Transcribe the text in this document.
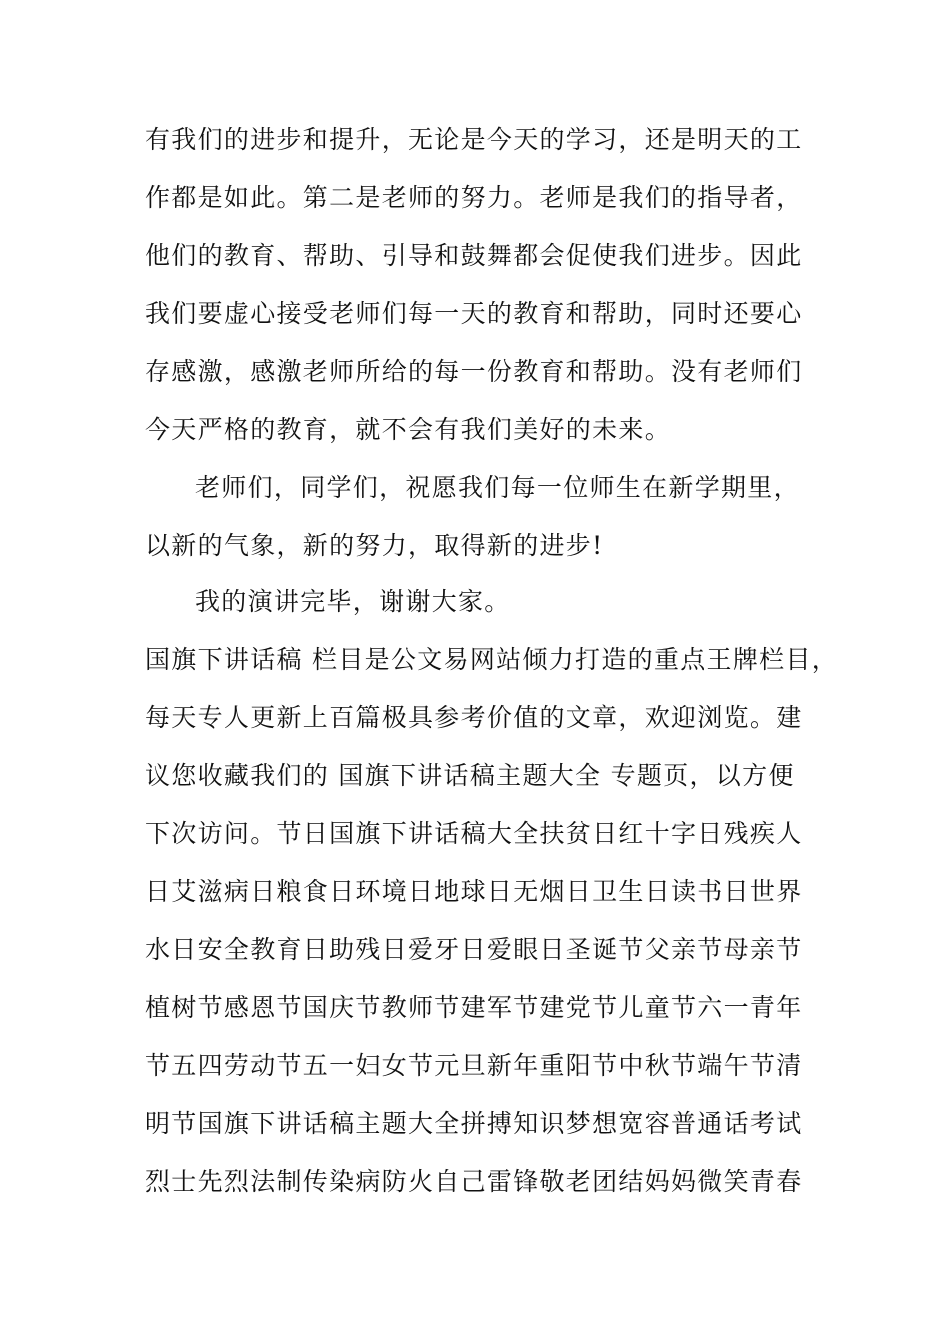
有我们的进步和提升，无论是今天的学习，还是明天的工
作都是如此。第二是老师的努力。老师是我们的指导者，
他们的教育、帮助、引导和鼓舞都会促使我们进步。因此
我们要虚心接受老师们每一天的教育和帮助，同时还要心
存感激，感激老师所给的每一份教育和帮助。没有老师们
今天严格的教育，就不会有我们美好的未来。
老师们，同学们，祝愿我们每一位师生在新学期里，
以新的气象，新的努力，取得新的进步!
我的演讲完毕，谢谢大家。
国旗下讲话稿 栏目是公文易网站倾力打造的重点王牌栏目，
每天专人更新上百篇极具参考价值的文章，欢迎浏览。建
议您收藏我们的 国旗下讲话稿主题大全 专题页，以方便
下次访问。节日国旗下讲话稿大全扶贫日红十字日残疾人
日艾滋病日粮食日环境日地球日无烟日卫生日读书日世界
水日安全教育日助残日爱牙日爱眼日圣诞节父亲节母亲节
植树节感恩节国庆节教师节建军节建党节儿童节六一青年
节五四劳动节五一妇女节元旦新年重阳节中秋节端午节清
明节国旗下讲话稿主题大全拼搏知识梦想宽容普通话考试
烈士先烈法制传染病防火自己雷锋敬老团结妈妈微笑青春
